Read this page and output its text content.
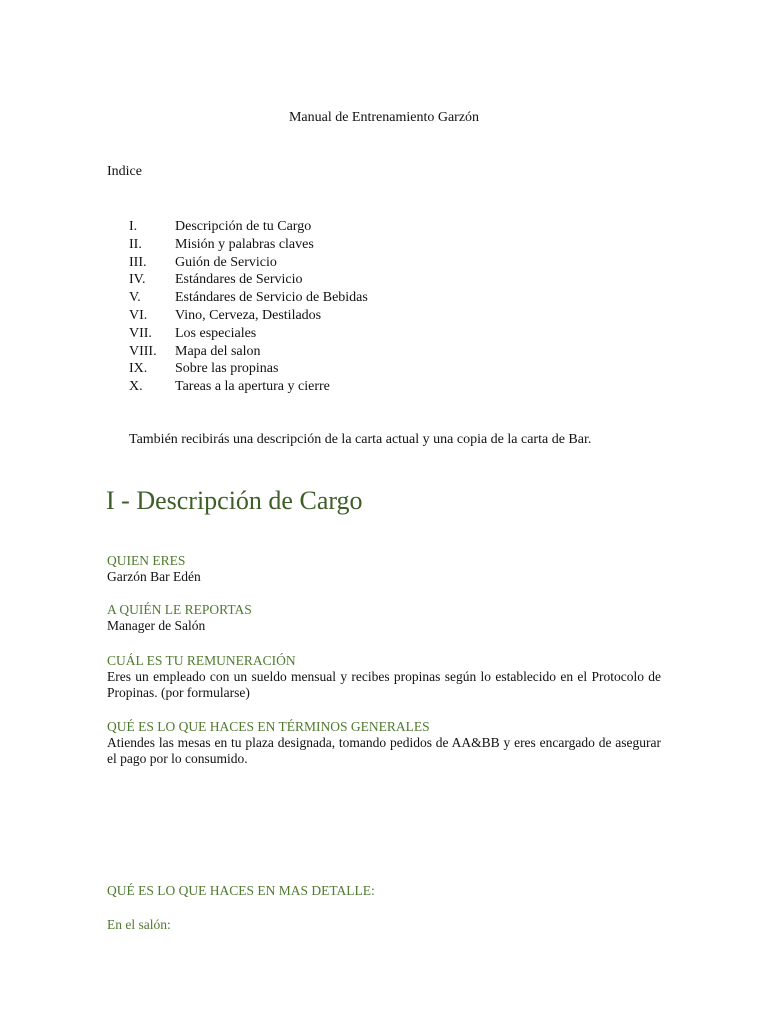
Manual de Entrenamiento Garzón
Indice
I.	Descripción de tu Cargo
II. Misión y palabras claves
III. Guión de Servicio
IV. Estándares de Servicio
V. Estándares de Servicio de Bebidas
VI. Vino, Cerveza, Destilados
VII. Los especiales
VIII. Mapa del salon
IX. Sobre las propinas
X. Tareas a la apertura y cierre
También recibirás una descripción de la carta actual y una copia de la carta de Bar.
I - Descripción de Cargo
QUIEN ERES
Garzón Bar Edén
A QUIÉN LE REPORTAS
Manager de Salón
CUÁL ES TU REMUNERACIÓN
Eres un empleado con un sueldo mensual y recibes propinas según lo establecido en el Protocolo de Propinas. (por formularse)
QUÉ ES LO QUE HACES EN TÉRMINOS GENERALES
Atiendes las mesas en tu plaza designada, tomando pedidos de AA&BB y eres encargado de asegurar el pago por lo consumido.
QUÉ ES LO QUE HACES EN MAS DETALLE:
En el salón:
